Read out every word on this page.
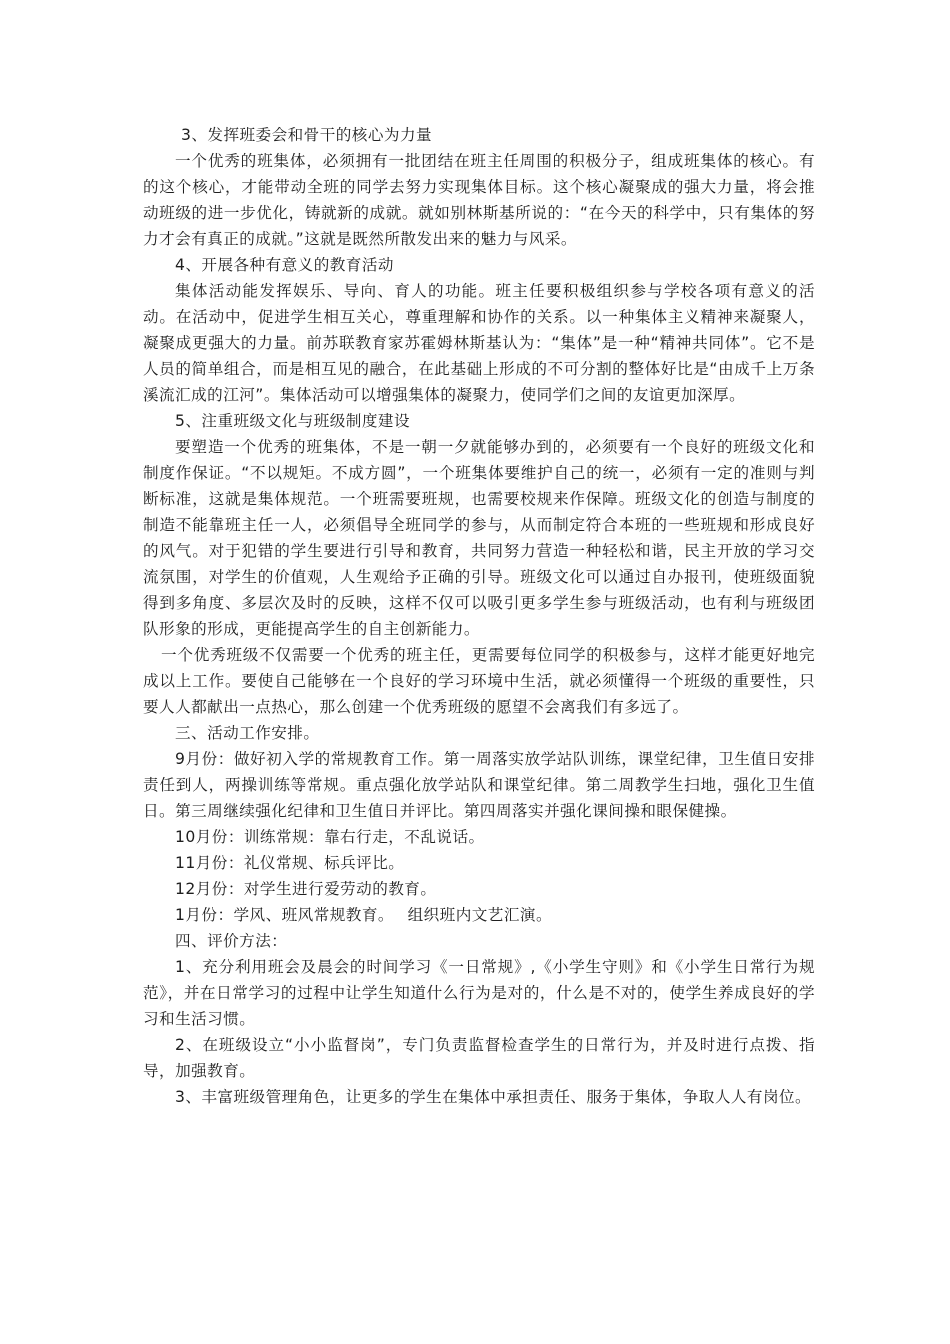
3、发挥班委会和骨干的核心为力量

一个优秀的班集体，必须拥有一批团结在班主任周围的积极分子，组成班集体的核心。有的这个核心，才能带动全班的同学去努力实现集体目标。这个核心凝聚成的强大力量，将会推动班级的进一步优化，铸就新的成就。就如别林斯基所说的：“在今天的科学中，只有集体的努力才会有真正的成就。”这就是既然所散发出来的魅力与风采。

4、开展各种有意义的教育活动

集体活动能发挥娱乐、导向、育人的功能。班主任要积极组织参与学校各项有意义的活动。在活动中，促进学生相互关心，尊重理解和协作的关系。以一种集体主义精神来凝聚人，凝聚成更强大的力量。前苏联教育家苏霍姆林斯基认为：“集体”是一种“精神共同体”。它不是人员的简单组合，而是相互见的融合，在此基础上形成的不可分割的整体好比是“由成千上万条溪流汇成的江河”。集体活动可以增强集体的凝聚力，使同学们之间的友谊更加深厚。

5、注重班级文化与班级制度建设

要塑造一个优秀的班集体，不是一朝一夕就能够办到的，必须要有一个良好的班级文化和制度作保证。“不以规矩。不成方圆”，一个班集体要维护自己的统一，必须有一定的准则与判断标准，这就是集体规范。一个班需要班规，也需要校规来作保障。班级文化的创造与制度的制造不能靠班主任一人，必须倡导全班同学的参与，从而制定符合本班的一些班规和形成良好的风气。对于犯错的学生要进行引导和教育，共同努力营造一种轻松和谐，民主开放的学习交流氛围，对学生的价值观，人生观给予正确的引导。班级文化可以通过自办报刊，使班级面貌得到多角度、多层次及时的反映，这样不仅可以吸引更多学生参与班级活动，也有利与班级团队形象的形成，更能提高学生的自主创新能力。

一个优秀班级不仅需要一个优秀的班主任，更需要每位同学的积极参与，这样才能更好地完成以上工作。要使自己能够在一个良好的学习环境中生活，就必须懂得一个班级的重要性，只要人人都献出一点热心，那么创建一个优秀班级的愿望不会离我们有多远了。

三、活动工作安排。

9月份：做好初入学的常规教育工作。第一周落实放学站队训练，课堂纪律，卫生值日安排责任到人，两操训练等常规。重点强化放学站队和课堂纪律。第二周教学生扫地，强化卫生值日。第三周继续强化纪律和卫生值日并评比。第四周落实并强化课间操和眼保健操。

10月份：训练常规：靠右行走，不乱说话。

11月份：礼仪常规、标兵评比。

12月份：对学生进行爱劳动的教育。

1月份：学风、班风常规教育。　 组织班内文艺汇演。

四、评价方法：

1、充分利用班会及晨会的时间学习《一日常规》,《小学生守则》和《小学生日常行为规范》，并在日常学习的过程中让学生知道什么行为是对的，什么是不对的，使学生养成良好的学习和生活习惯。

2、在班级设立“小小监督岗”，专门负责监督检查学生的日常行为，并及时进行点拨、指导，加强教育。

3、丰富班级管理角色，让更多的学生在集体中承担责任、服务于集体，争取人人有岗位。
